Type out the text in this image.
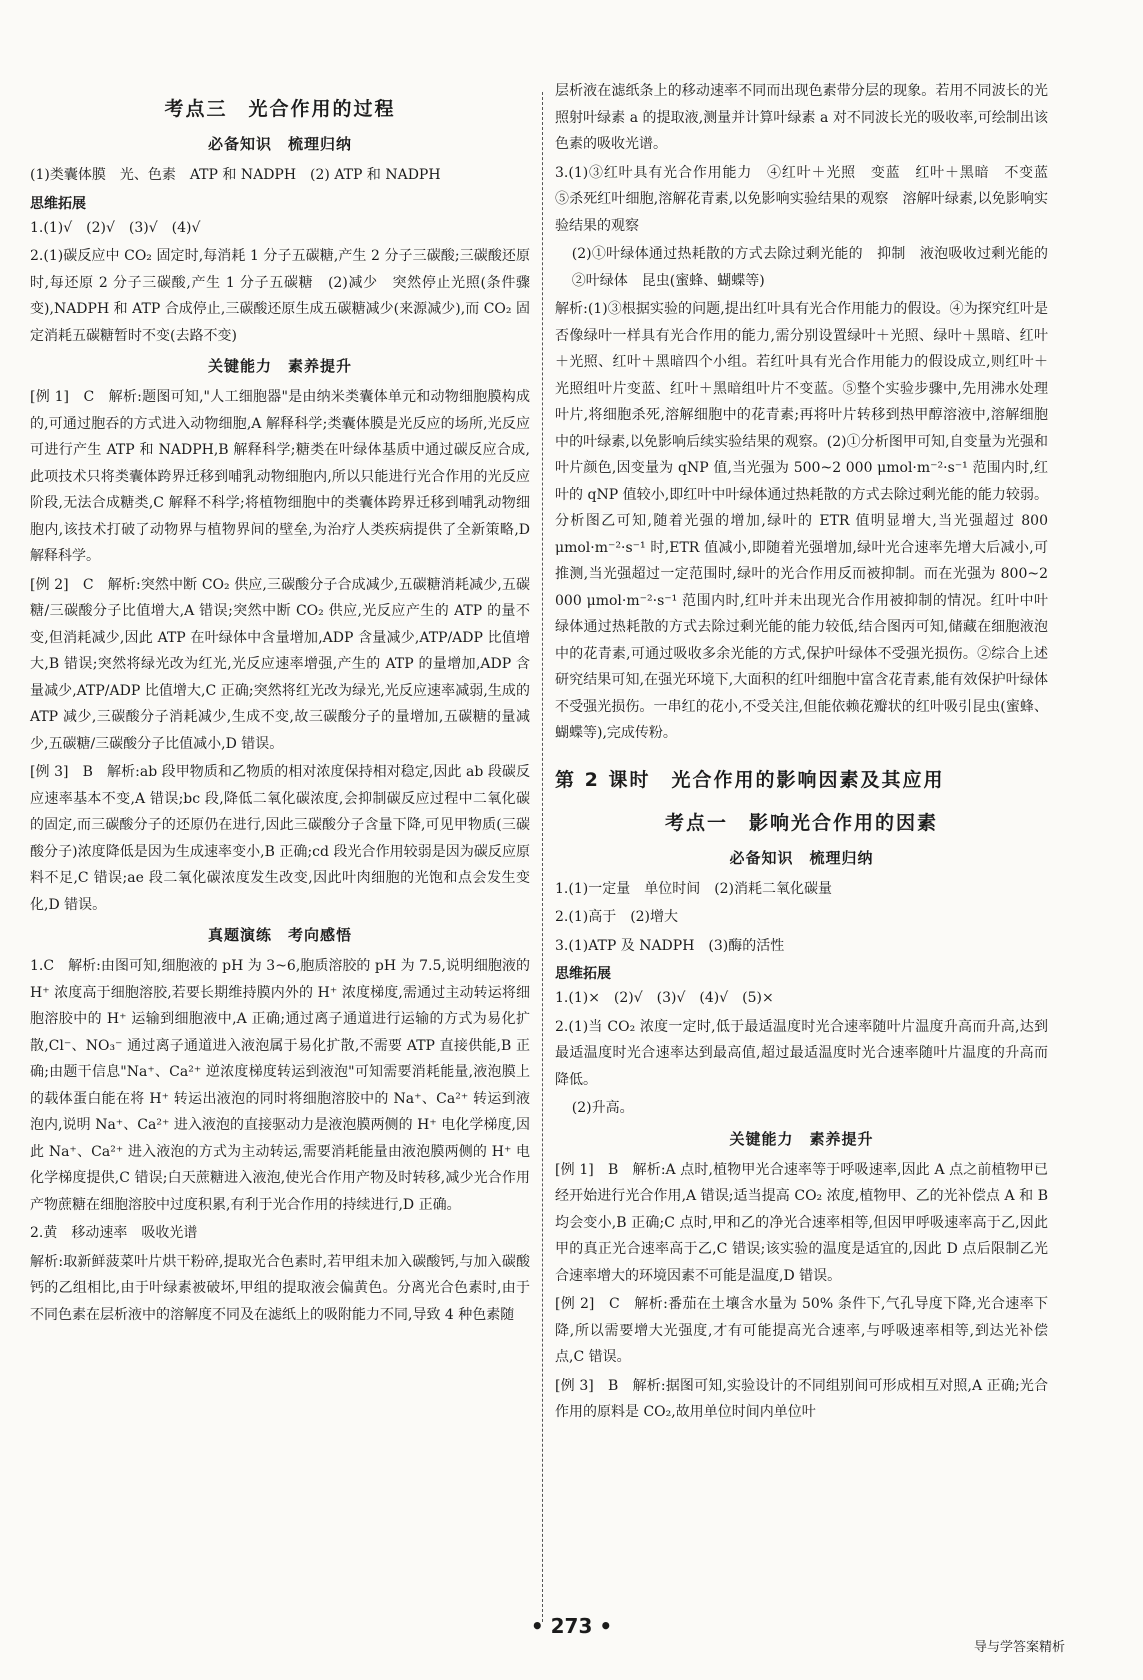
考点三　光合作用的过程
必备知识　梳理归纳

(1)类囊体膜　光、色素　ATP 和 NADPH　(2) ATP 和 NADPH

思维拓展

1.(1)√　(2)√　(3)√　(4)√

2.(1)碳反应中 CO₂ 固定时,每消耗 1 分子五碳糖,产生 2 分子三碳酸;三碳酸还原时,每还原 2 分子三碳酸,产生 1 分子五碳糖　(2)减少　突然停止光照(条件骤变),NADPH 和 ATP 合成停止,三碳酸还原生成五碳糖减少(来源减少),而 CO₂ 固定消耗五碳糖暂时不变(去路不变)

关键能力　素养提升

[例 1]　C　解析:题图可知,"人工细胞器"是由纳米类囊体单元和动物细胞膜构成的,可通过胞吞的方式进入动物细胞,A 解释科学;类囊体膜是光反应的场所,光反应可进行产生 ATP 和 NADPH,B 解释科学;糖类在叶绿体基质中通过碳反应合成,此项技术只将类囊体跨界迁移到哺乳动物细胞内,所以只能进行光合作用的光反应阶段,无法合成糖类,C 解释不科学;将植物细胞中的类囊体跨界迁移到哺乳动物细胞内,该技术打破了动物界与植物界间的壁垒,为治疗人类疾病提供了全新策略,D 解释科学。

[例 2]　C　解析:突然中断 CO₂ 供应,三碳酸分子合成减少,五碳糖消耗减少,五碳糖/三碳酸分子比值增大,A 错误;突然中断 CO₂ 供应,光反应产生的 ATP 的量不变,但消耗减少,因此 ATP 在叶绿体中含量增加,ADP 含量减少,ATP/ADP 比值增大,B 错误;突然将绿光改为红光,光反应速率增强,产生的 ATP 的量增加,ADP 含量减少,ATP/ADP 比值增大,C 正确;突然将红光改为绿光,光反应速率减弱,生成的 ATP 减少,三碳酸分子消耗减少,生成不变,故三碳酸分子的量增加,五碳糖的量减少,五碳糖/三碳酸分子比值减小,D 错误。

[例 3]　B　解析:ab 段甲物质和乙物质的相对浓度保持相对稳定,因此 ab 段碳反应速率基本不变,A 错误;bc 段,降低二氧化碳浓度,会抑制碳反应过程中二氧化碳的固定,而三碳酸分子的还原仍在进行,因此三碳酸分子含量下降,可见甲物质(三碳酸分子)浓度降低是因为生成速率变小,B 正确;cd 段光合作用较弱是因为碳反应原料不足,C 错误;ae 段二氧化碳浓度发生改变,因此叶肉细胞的光饱和点会发生变化,D 错误。

真题演练　考向感悟

1.C　解析:由图可知,细胞液的 pH 为 3~6,胞质溶胶的 pH 为 7.5,说明细胞液的 H⁺ 浓度高于细胞溶胶,若要长期维持膜内外的 H⁺ 浓度梯度,需通过主动转运将细胞溶胶中的 H⁺ 运输到细胞液中,A 正确;通过离子通道进行运输的方式为易化扩散,Cl⁻、NO₃⁻ 通过离子通道进入液泡属于易化扩散,不需要 ATP 直接供能,B 正确;由题干信息"Na⁺、Ca²⁺ 逆浓度梯度转运到液泡"可知需要消耗能量,液泡膜上的载体蛋白能在将 H⁺ 转运出液泡的同时将细胞溶胶中的 Na⁺、Ca²⁺ 转运到液泡内,说明 Na⁺、Ca²⁺ 进入液泡的直接驱动力是液泡膜两侧的 H⁺ 电化学梯度,因此 Na⁺、Ca²⁺ 进入液泡的方式为主动转运,需要消耗能量由液泡膜两侧的 H⁺ 电化学梯度提供,C 错误;白天蔗糖进入液泡,使光合作用产物及时转移,减少光合作用产物蔗糖在细胞溶胶中过度积累,有利于光合作用的持续进行,D 正确。

2.黄　移动速率　吸收光谱

解析:取新鲜菠菜叶片烘干粉碎,提取光合色素时,若甲组未加入碳酸钙,与加入碳酸钙的乙组相比,由于叶绿素被破坏,甲组的提取液会偏黄色。分离光合色素时,由于不同色素在层析液中的溶解度不同及在滤纸上的吸附能力不同,导致 4 种色素随

层析液在滤纸条上的移动速率不同而出现色素带分层的现象。若用不同波长的光照射叶绿素 a 的提取液,测量并计算叶绿素 a 对不同波长光的吸收率,可绘制出该色素的吸收光谱。

3.(1)③红叶具有光合作用能力　④红叶＋光照　变蓝　红叶＋黑暗　不变蓝　⑤杀死红叶细胞,溶解花青素,以免影响实验结果的观察　溶解叶绿素,以免影响实验结果的观察

(2)①叶绿体通过热耗散的方式去除过剩光能的　抑制　液泡吸收过剩光能的　②叶绿体　昆虫(蜜蜂、蝴蝶等)

解析:(1)③根据实验的问题,提出红叶具有光合作用能力的假设。④为探究红叶是否像绿叶一样具有光合作用的能力,需分别设置绿叶＋光照、绿叶＋黑暗、红叶＋光照、红叶＋黑暗四个小组。若红叶具有光合作用能力的假设成立,则红叶＋光照组叶片变蓝、红叶＋黑暗组叶片不变蓝。⑤整个实验步骤中,先用沸水处理叶片,将细胞杀死,溶解细胞中的花青素;再将叶片转移到热甲醇溶液中,溶解细胞中的叶绿素,以免影响后续实验结果的观察。(2)①分析图甲可知,自变量为光强和叶片颜色,因变量为 qNP 值,当光强为 500~2 000 μmol·m⁻²·s⁻¹ 范围内时,红叶的 qNP 值较小,即红叶中叶绿体通过热耗散的方式去除过剩光能的能力较弱。分析图乙可知,随着光强的增加,绿叶的 ETR 值明显增大,当光强超过 800 μmol·m⁻²·s⁻¹ 时,ETR 值减小,即随着光强增加,绿叶光合速率先增大后减小,可推测,当光强超过一定范围时,绿叶的光合作用反而被抑制。而在光强为 800~2 000 μmol·m⁻²·s⁻¹ 范围内时,红叶并未出现光合作用被抑制的情况。红叶中叶绿体通过热耗散的方式去除过剩光能的能力较低,结合图丙可知,储藏在细胞液泡中的花青素,可通过吸收多余光能的方式,保护叶绿体不受强光损伤。②综合上述研究结果可知,在强光环境下,大面积的红叶细胞中富含花青素,能有效保护叶绿体不受强光损伤。一串红的花小,不受关注,但能依赖花瓣状的红叶吸引昆虫(蜜蜂、蝴蝶等),完成传粉。

第 2 课时　光合作用的影响因素及其应用
考点一　影响光合作用的因素
必备知识　梳理归纳

1.(1)一定量　单位时间　(2)消耗二氧化碳量

2.(1)高于　(2)增大

3.(1)ATP 及 NADPH　(3)酶的活性

思维拓展

1.(1)×　(2)√　(3)√　(4)√　(5)×

2.(1)当 CO₂ 浓度一定时,低于最适温度时光合速率随叶片温度升高而升高,达到最适温度时光合速率达到最高值,超过最适温度时光合速率随叶片温度的升高而降低。

(2)升高。

关键能力　素养提升

[例 1]　B　解析:A 点时,植物甲光合速率等于呼吸速率,因此 A 点之前植物甲已经开始进行光合作用,A 错误;适当提高 CO₂ 浓度,植物甲、乙的光补偿点 A 和 B 均会变小,B 正确;C 点时,甲和乙的净光合速率相等,但因甲呼吸速率高于乙,因此甲的真正光合速率高于乙,C 错误;该实验的温度是适宜的,因此 D 点后限制乙光合速率增大的环境因素不可能是温度,D 错误。

[例 2]　C　解析:番茄在土壤含水量为 50% 条件下,气孔导度下降,光合速率下降,所以需要增大光强度,才有可能提高光合速率,与呼吸速率相等,到达光补偿点,C 错误。

[例 3]　B　解析:据图可知,实验设计的不同组别间可形成相互对照,A 正确;光合作用的原料是 CO₂,故用单位时间内单位叶

• 273 •
导与学答案精析
